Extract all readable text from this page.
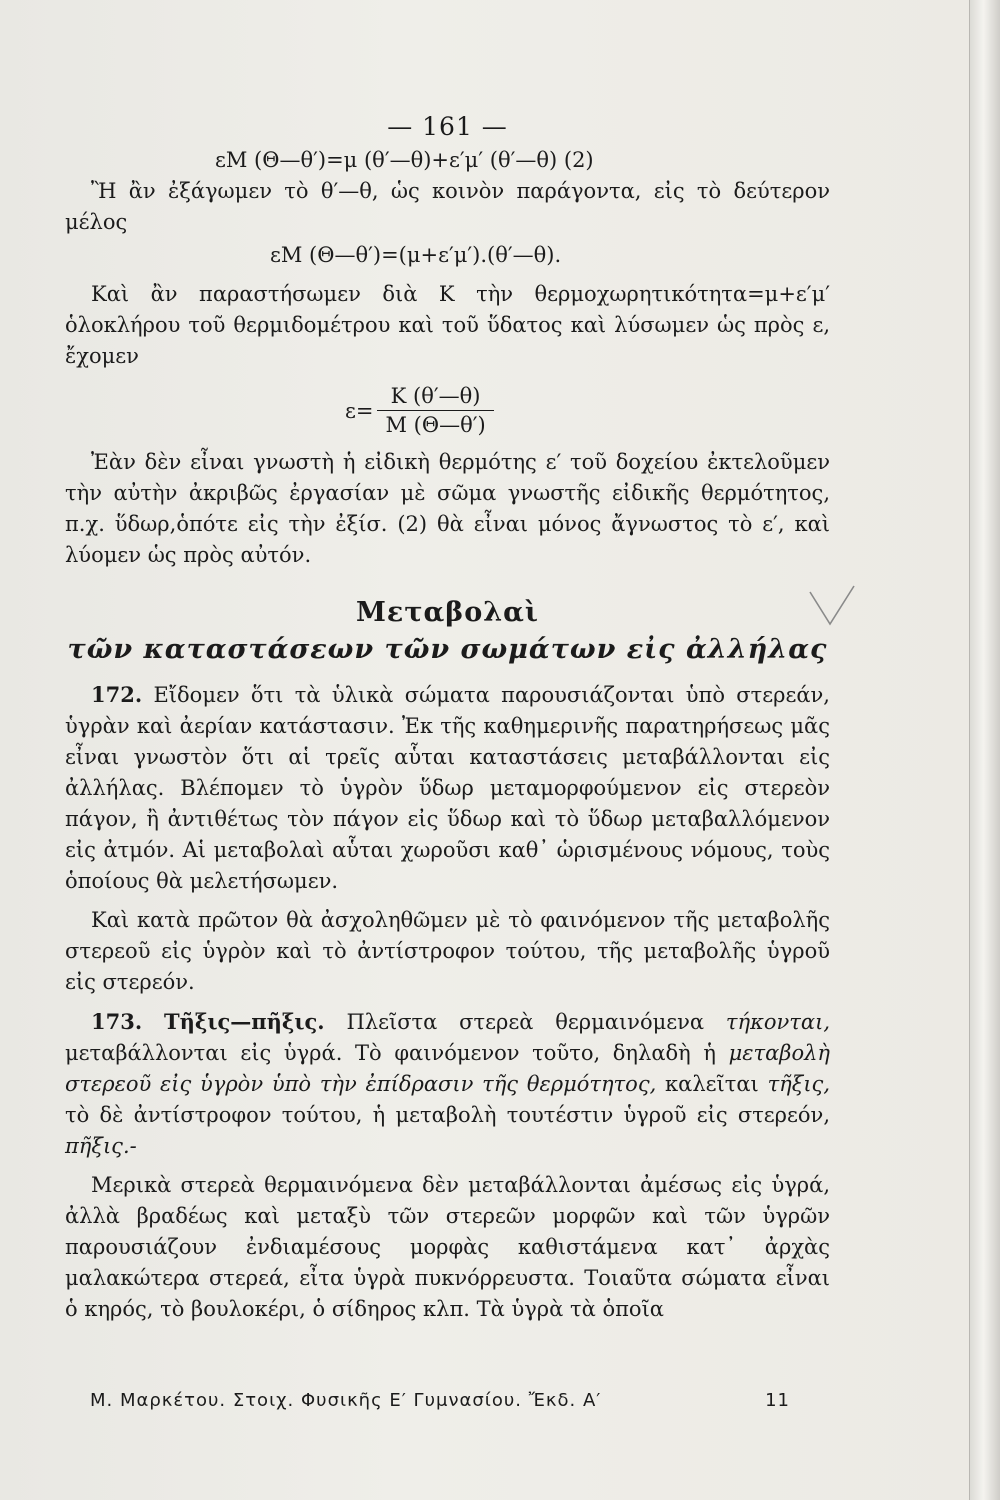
— 161 —
εΜ (Θ—θ′)=μ (θ′—θ)+ε′μ′ (θ′—θ) (2)

Ἢ ἂν ἐξάγωμεν τὸ θ′—θ, ὡς κοινὸν παράγοντα, εἰς τὸ δεύτερον μέλος

εΜ (Θ—θ′)=(μ+ε′μ′).(θ′—θ).

Καὶ ἂν παραστήσωμεν διὰ Κ τὴν θερμοχωρητικότητα=μ+ε′μ′ ὁλοκλήρου τοῦ θερμιδομέτρου καὶ τοῦ ὕδατος καὶ λύσωμεν ὡς πρὸς ε, ἔχομεν

$\varepsilon= \frac{K (\theta'—\theta)}{M (\Theta—\theta')}$

Ἐὰν δὲν εἶναι γνωστὴ ἡ εἰδικὴ θερμότης ε′ τοῦ δοχείου ἐκτελοῦμεν τὴν αὐτὴν ἀκριβῶς ἐργασίαν μὲ σῶμα γνωστῆς εἰδικῆς θερμότητος, π.χ. ὕδωρ,ὁπότε εἰς τὴν ἐξίσ. (2) θὰ εἶναι μόνος ἄγνωστος τὸ ε′, καὶ λύομεν ὡς πρὸς αὐτόν.

Μεταβολαὶ
τῶν καταστάσεων τῶν σωμάτων εἰς ἀλλήλας

172. Εἴδομεν ὅτι τὰ ὑλικὰ σώματα παρουσιάζονται ὑπὸ στερεάν, ὑγρὰν καὶ ἀερίαν κατάστασιν. Ἐκ τῆς καθημερινῆς παρατηρήσεως μᾶς εἶναι γνωστὸν ὅτι αἱ τρεῖς αὗται καταστάσεις μεταβάλλονται εἰς ἀλλήλας. Βλέπομεν τὸ ὑγρὸν ὕδωρ μεταμορφούμενον εἰς στερεὸν πάγον, ἢ ἀντιθέτως τὸν πάγον εἰς ὕδωρ καὶ τὸ ὕδωρ μεταβαλλόμενον εἰς ἀτμόν. Αἱ μεταβολαὶ αὗται χωροῦσι καθ᾽ ὡρισμένους νόμους, τοὺς ὁποίους θὰ μελετήσωμεν.

Καὶ κατὰ πρῶτον θὰ ἀσχοληθῶμεν μὲ τὸ φαινόμενον τῆς μεταβολῆς στερεοῦ εἰς ὑγρὸν καὶ τὸ ἀντίστροφον τούτου, τῆς μεταβολῆς ὑγροῦ εἰς στερεόν.

173. Τῆξις—πῆξις. Πλεῖστα στερεὰ θερμαινόμενα τήκονται, μεταβάλλονται εἰς ὑγρά. Τὸ φαινόμενον τοῦτο, δηλαδὴ ἡ μεταβολὴ στερεοῦ εἰς ὑγρὸν ὑπὸ τὴν ἐπίδρασιν τῆς θερμότητος, καλεῖται τῆξις, τὸ δὲ ἀντίστροφον τούτου, ἡ μεταβολὴ τουτέστιν ὑγροῦ εἰς στερεόν, πῆξις.-

Μερικὰ στερεὰ θερμαινόμενα δὲν μεταβάλλονται ἀμέσως εἰς ὑγρά, ἀλλὰ βραδέως καὶ μεταξὺ τῶν στερεῶν μορφῶν καὶ τῶν ὑγρῶν παρουσιάζουν ἐνδιαμέσους μορφὰς καθιστάμενα κατ᾽ ἀρχὰς μαλακώτερα στερεά, εἶτα ὑγρὰ πυκνόρρευστα. Τοιαῦτα σώματα εἶναι ὁ κηρός, τὸ βουλοκέρι, ὁ σίδηρος κλπ. Τὰ ὑγρὰ τὰ ὁποῖα

Μ. Μαρκέτου. Στοιχ. Φυσικῆς Ε′ Γυμνασίου. Ἔκδ. Α′	11
